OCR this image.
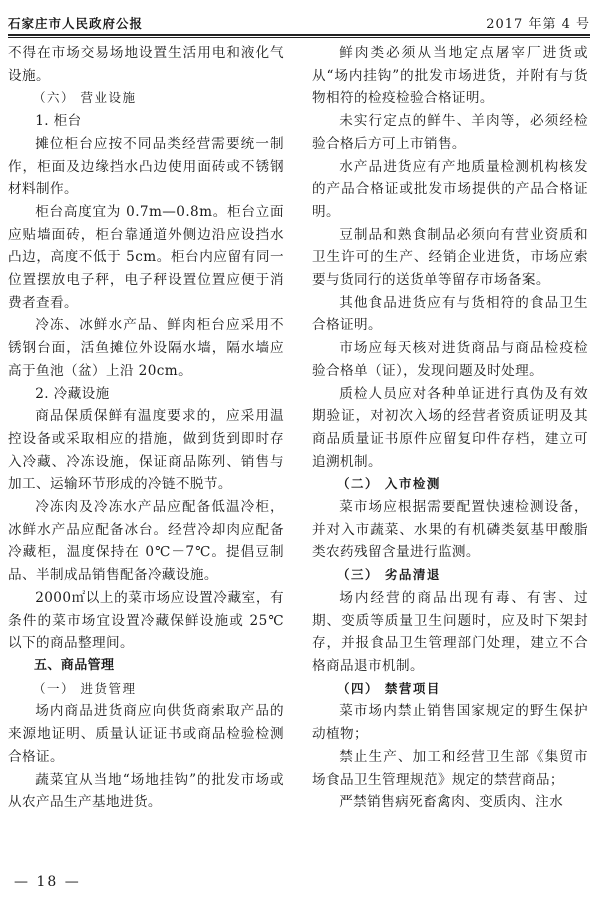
石家庄市人民政府公报	2017 年第 4 号

不得在市场交易场地设置生活用电和液化气设施。

（六） 营业设施

1. 柜台

摊位柜台应按不同品类经营需要统一制作，柜面及边缘挡水凸边使用面砖或不锈钢材料制作。

柜台高度宜为 0.7m—0.8m。柜台立面应贴墙面砖，柜台靠通道外侧边沿应设挡水凸边，高度不低于 5cm。柜台内应留有同一位置摆放电子秤，电子秤设置位置应便于消费者查看。

冷冻、冰鲜水产品、鲜肉柜台应采用不锈钢台面，活鱼摊位外设隔水墙，隔水墙应高于鱼池（盆）上沿 20cm。

2. 冷藏设施

商品保质保鲜有温度要求的，应采用温控设备或采取相应的措施，做到货到即时存入冷藏、冷冻设施，保证商品陈列、销售与加工、运输环节形成的冷链不脱节。

冷冻肉及冷冻水产品应配备低温冷柜，冰鲜水产品应配备冰台。经营冷却肉应配备冷藏柜，温度保持在 0℃－7℃。提倡豆制品、半制成品销售配备冷藏设施。

2000㎡以上的菜市场应设置冷藏室，有条件的菜市场宜设置冷藏保鲜设施或 25℃以下的商品整理间。

五、商品管理

（一） 进货管理

场内商品进货商应向供货商索取产品的来源地证明、质量认证证书或商品检验检测合格证。

蔬菜宜从当地“场地挂钩”的批发市场或从农产品生产基地进货。

鲜肉类必须从当地定点屠宰厂进货或从“场内挂钩”的批发市场进货，并附有与货物相符的检疫检验合格证明。

未实行定点的鲜牛、羊肉等，必须经检验合格后方可上市销售。

水产品进货应有产地质量检测机构核发的产品合格证或批发市场提供的产品合格证明。

豆制品和熟食制品必须向有营业资质和卫生许可的生产、经销企业进货，市场应索要与货同行的送货单等留存市场备案。

其他食品进货应有与货相符的食品卫生合格证明。

市场应每天核对进货商品与商品检疫检验合格单（证），发现问题及时处理。

质检人员应对各种单证进行真伪及有效期验证，对初次入场的经营者资质证明及其商品质量证书原件应留复印件存档，建立可追溯机制。

（二） 入市检测

菜市场应根据需要配置快速检测设备，并对入市蔬菜、水果的有机磷类氨基甲酸脂类农药残留含量进行监测。

（三） 劣品清退

场内经营的商品出现有毒、有害、过期、变质等质量卫生问题时，应及时下架封存，并报食品卫生管理部门处理，建立不合格商品退市机制。

（四） 禁营项目

菜市场内禁止销售国家规定的野生保护动植物；

禁止生产、加工和经营卫生部《集贸市场食品卫生管理规范》规定的禁营商品；

严禁销售病死畜禽肉、变质肉、注水

— 18 —
